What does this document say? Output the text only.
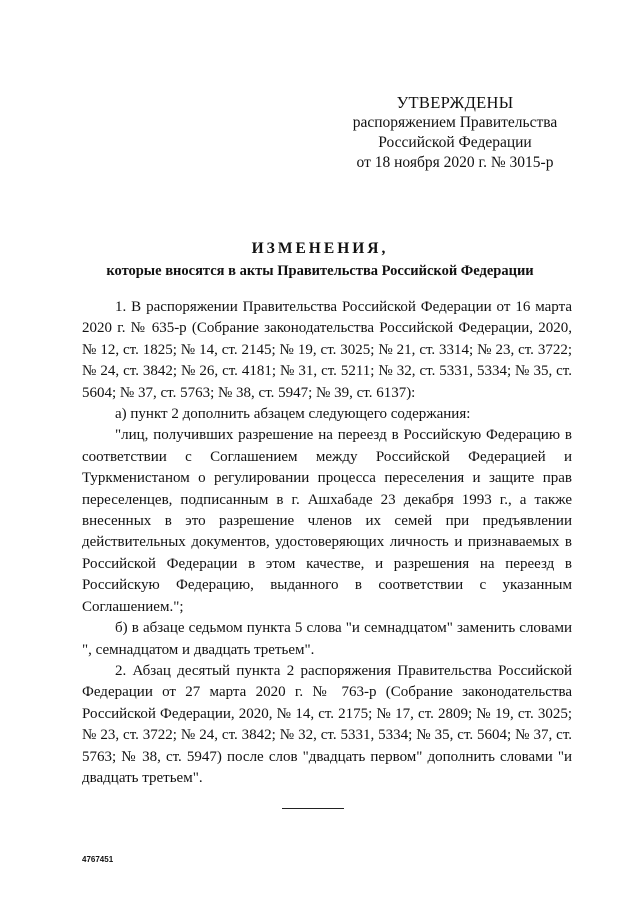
УТВЕРЖДЕНЫ
распоряжением Правительства
Российской Федерации
от 18 ноября 2020 г. № 3015-р
ИЗМЕНЕНИЯ,
которые вносятся в акты Правительства Российской Федерации

1. В распоряжении Правительства Российской Федерации от 16 марта 2020 г. № 635-р (Собрание законодательства Российской Федерации, 2020, № 12, ст. 1825; № 14, ст. 2145; № 19, ст. 3025; № 21, ст. 3314; № 23, ст. 3722; № 24, ст. 3842; № 26, ст. 4181; № 31, ст. 5211; № 32, ст. 5331, 5334; № 35, ст. 5604; № 37, ст. 5763; № 38, ст. 5947; № 39, ст. 6137):

а) пункт 2 дополнить абзацем следующего содержания:

"лиц, получивших разрешение на переезд в Российскую Федерацию в соответствии с Соглашением между Российской Федерацией и Туркменистаном о регулировании процесса переселения и защите прав переселенцев, подписанным в г. Ашхабаде 23 декабря 1993 г., а также внесенных в это разрешение членов их семей при предъявлении действительных документов, удостоверяющих личность и признаваемых в Российской Федерации в этом качестве, и разрешения на переезд в Российскую Федерацию, выданного в соответствии с указанным Соглашением.";

б) в абзаце седьмом пункта 5 слова "и семнадцатом" заменить словами ", семнадцатом и двадцать третьем".

2. Абзац десятый пункта 2 распоряжения Правительства Российской Федерации от 27 марта 2020 г. № 763-р (Собрание законодательства Российской Федерации, 2020, № 14, ст. 2175; № 17, ст. 2809; № 19, ст. 3025; № 23, ст. 3722; № 24, ст. 3842; № 32, ст. 5331, 5334; № 35, ст. 5604; № 37, ст. 5763; № 38, ст. 5947) после слов "двадцать первом" дополнить словами "и двадцать третьем".

4767451
